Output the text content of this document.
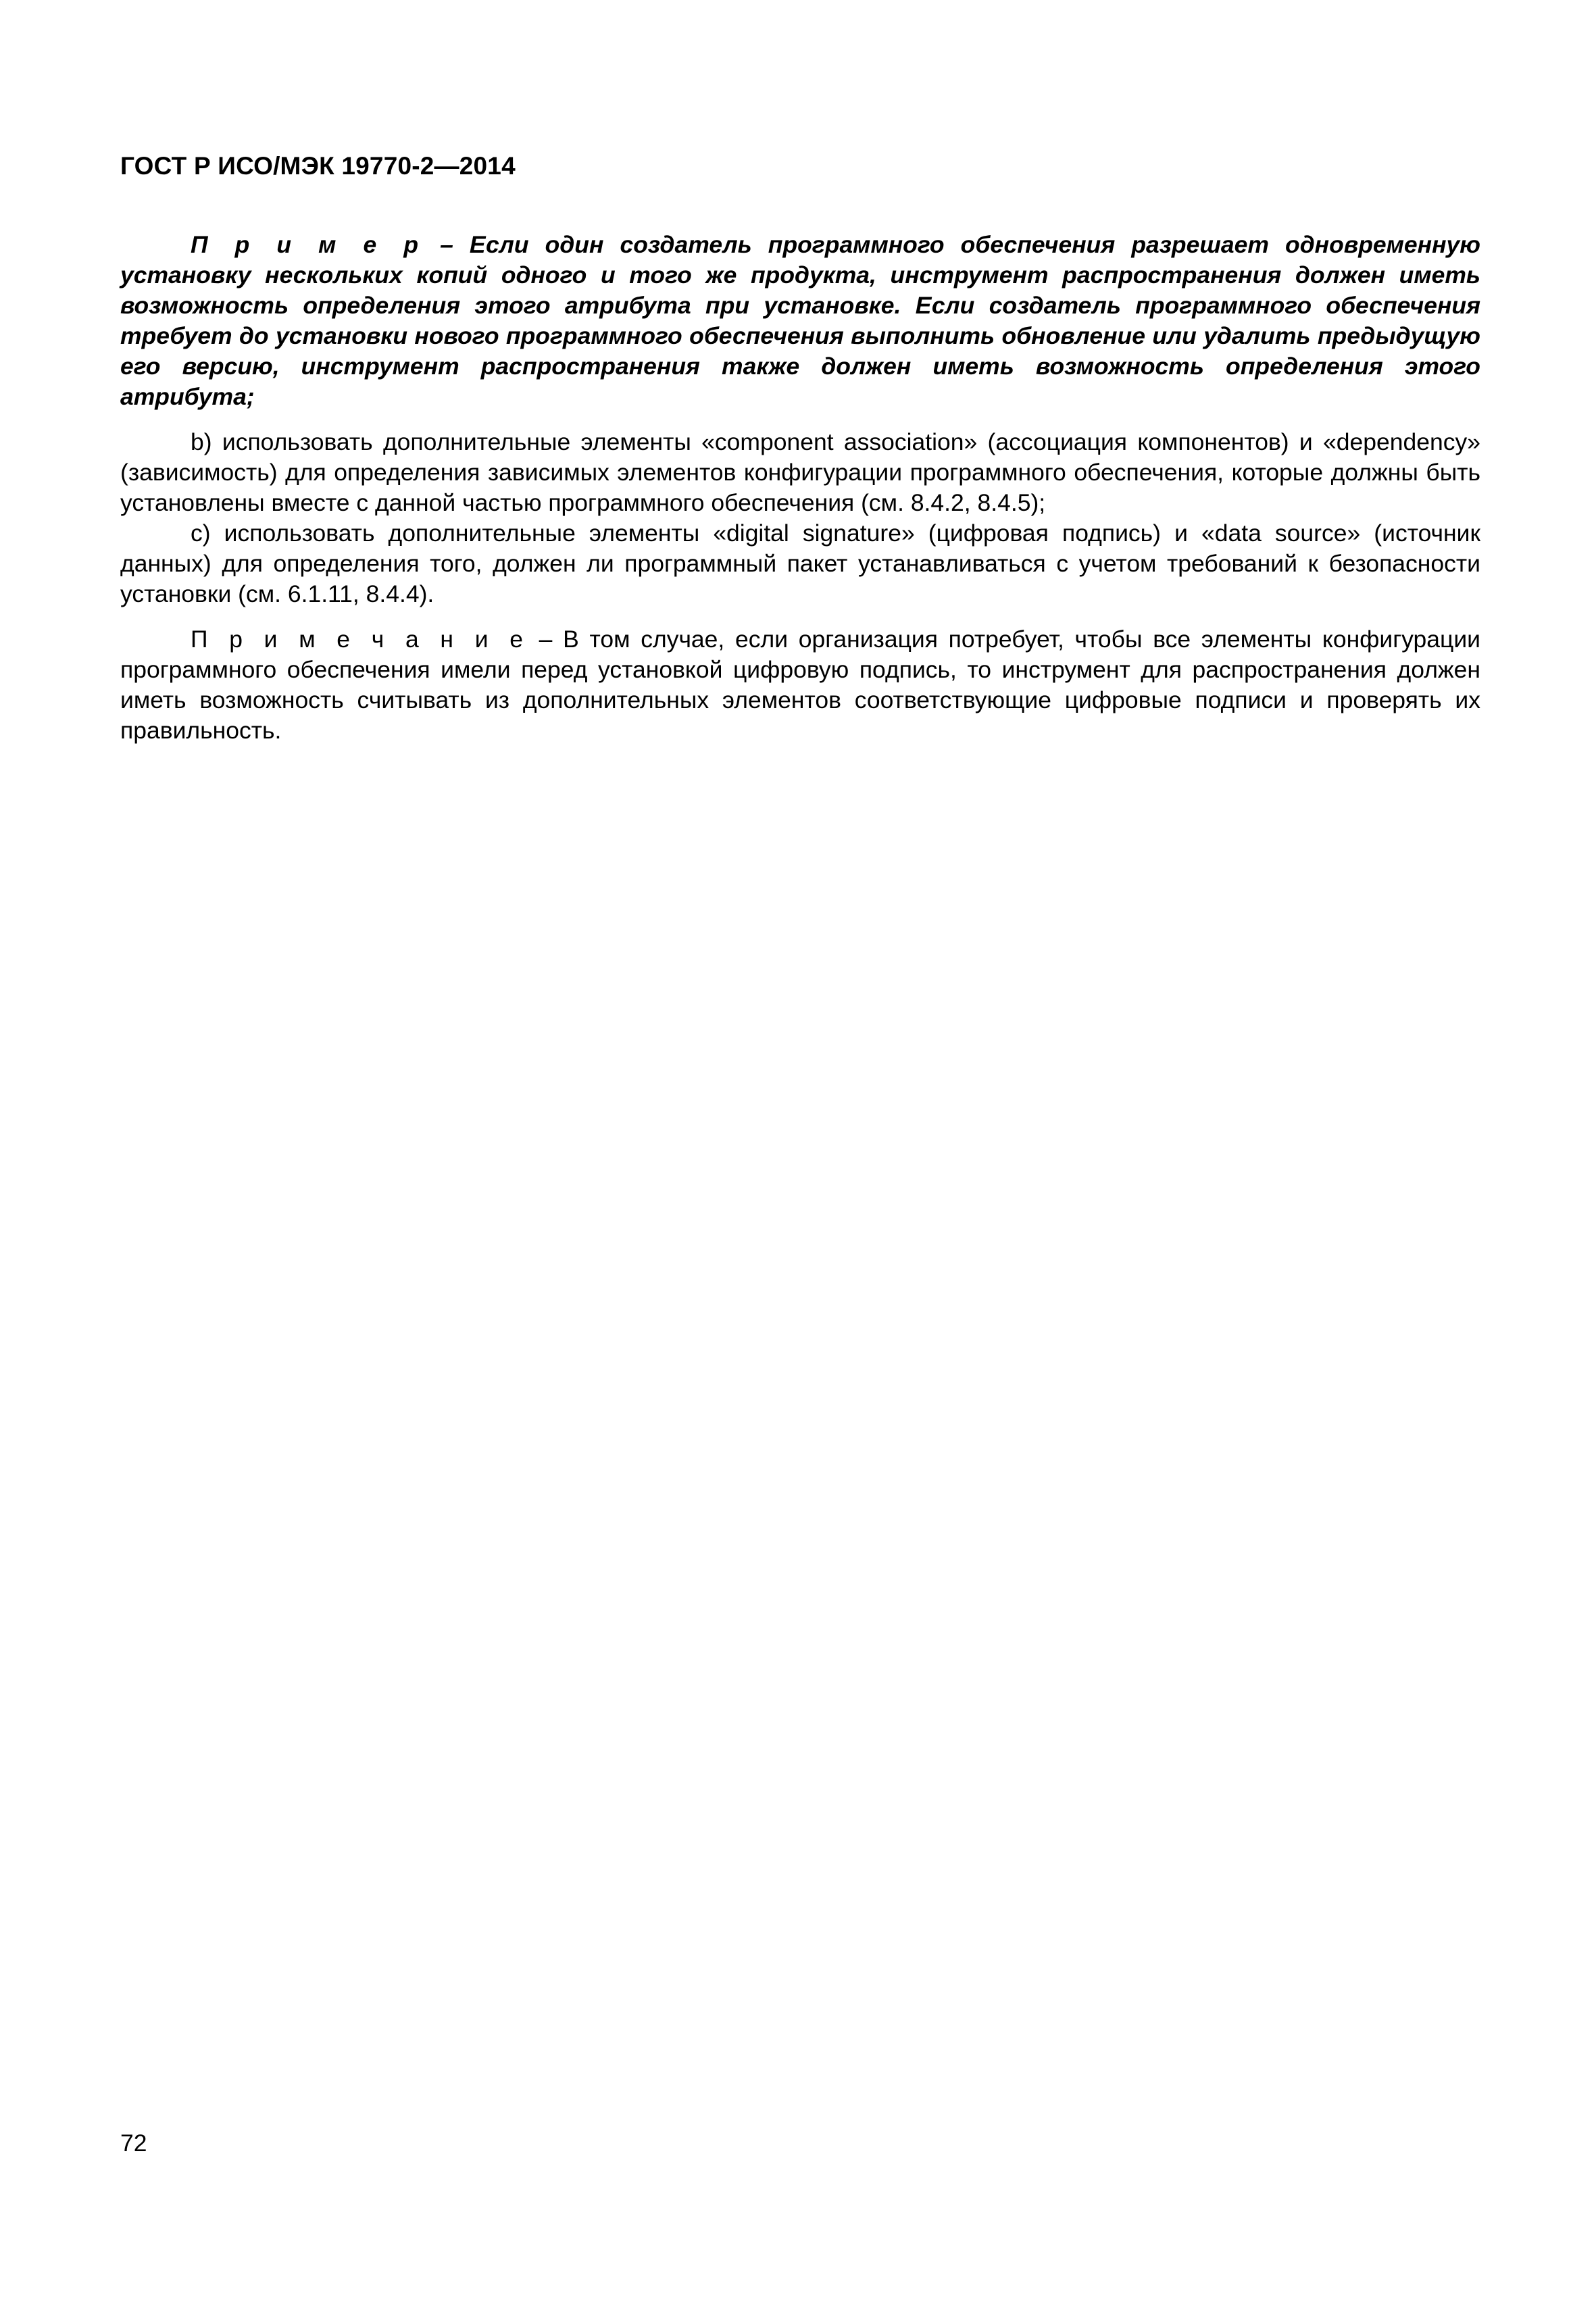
ГОСТ Р ИСО/МЭК 19770-2—2014

П р и м е р – Если один создатель программного обеспечения разрешает одновременную установку нескольких копий одного и того же продукта, инструмент распространения должен иметь возможность определения этого атрибута при установке. Если создатель программного обеспечения требует до установки нового программного обеспечения выполнить обновление или удалить предыдущую его версию, инструмент распространения также должен иметь возможность определения этого атрибута;

b) использовать дополнительные элементы «component association» (ассоциация компонентов) и «dependency» (зависимость) для определения зависимых элементов конфигурации программного обеспечения, которые должны быть установлены вместе с данной частью программного обеспечения (см. 8.4.2, 8.4.5);

c) использовать дополнительные элементы «digital signature» (цифровая подпись) и «data source» (источник данных) для определения того, должен ли программный пакет устанавливаться с учетом требований к безопасности установки (см. 6.1.11, 8.4.4).

П р и м е ч а н и е – В том случае, если организация потребует, чтобы все элементы конфигурации программного обеспечения имели перед установкой цифровую подпись, то инструмент для распространения должен иметь возможность считывать из дополнительных элементов соответствующие цифровые подписи и проверять их правильность.

72
